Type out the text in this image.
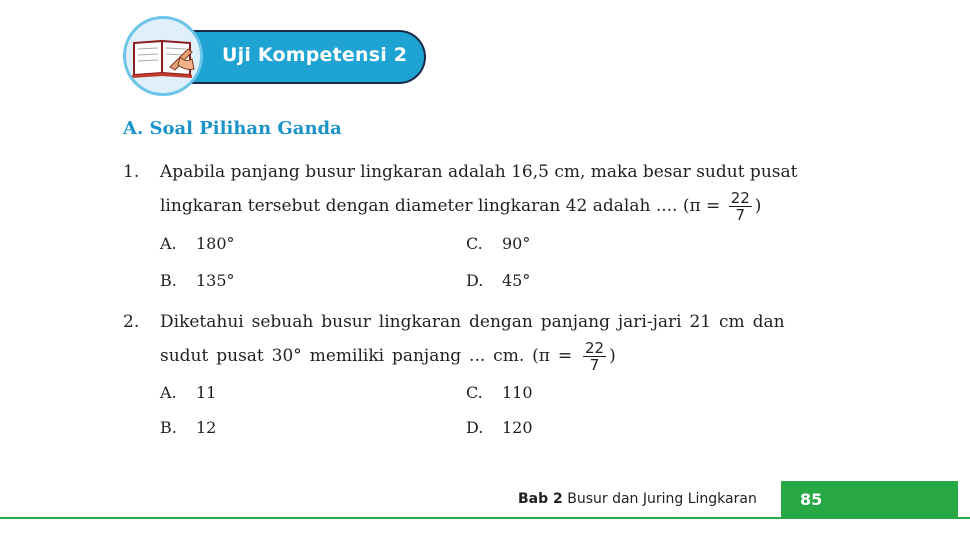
Uji Kompetensi 2
A. Soal Pilihan Ganda
1. Apabila panjang busur lingkaran adalah 16,5 cm, maka besar sudut pusat
lingkaran tersebut dengan diameter lingkaran 42 adalah .... ($\pi = \frac{22}{7}$ )
A. 180°
B. 135°
C. 90°
D. 45°
2. Diketahui sebuah busur lingkaran dengan panjang jari-jari 21 cm dan
sudut pusat 30° memiliki panjang ... cm. ($\pi = \frac{22}{7}$ )
A. 11
B. 12
C. 110
D. 120
Bab 2 Busur dan Juring Lingkaran	85
